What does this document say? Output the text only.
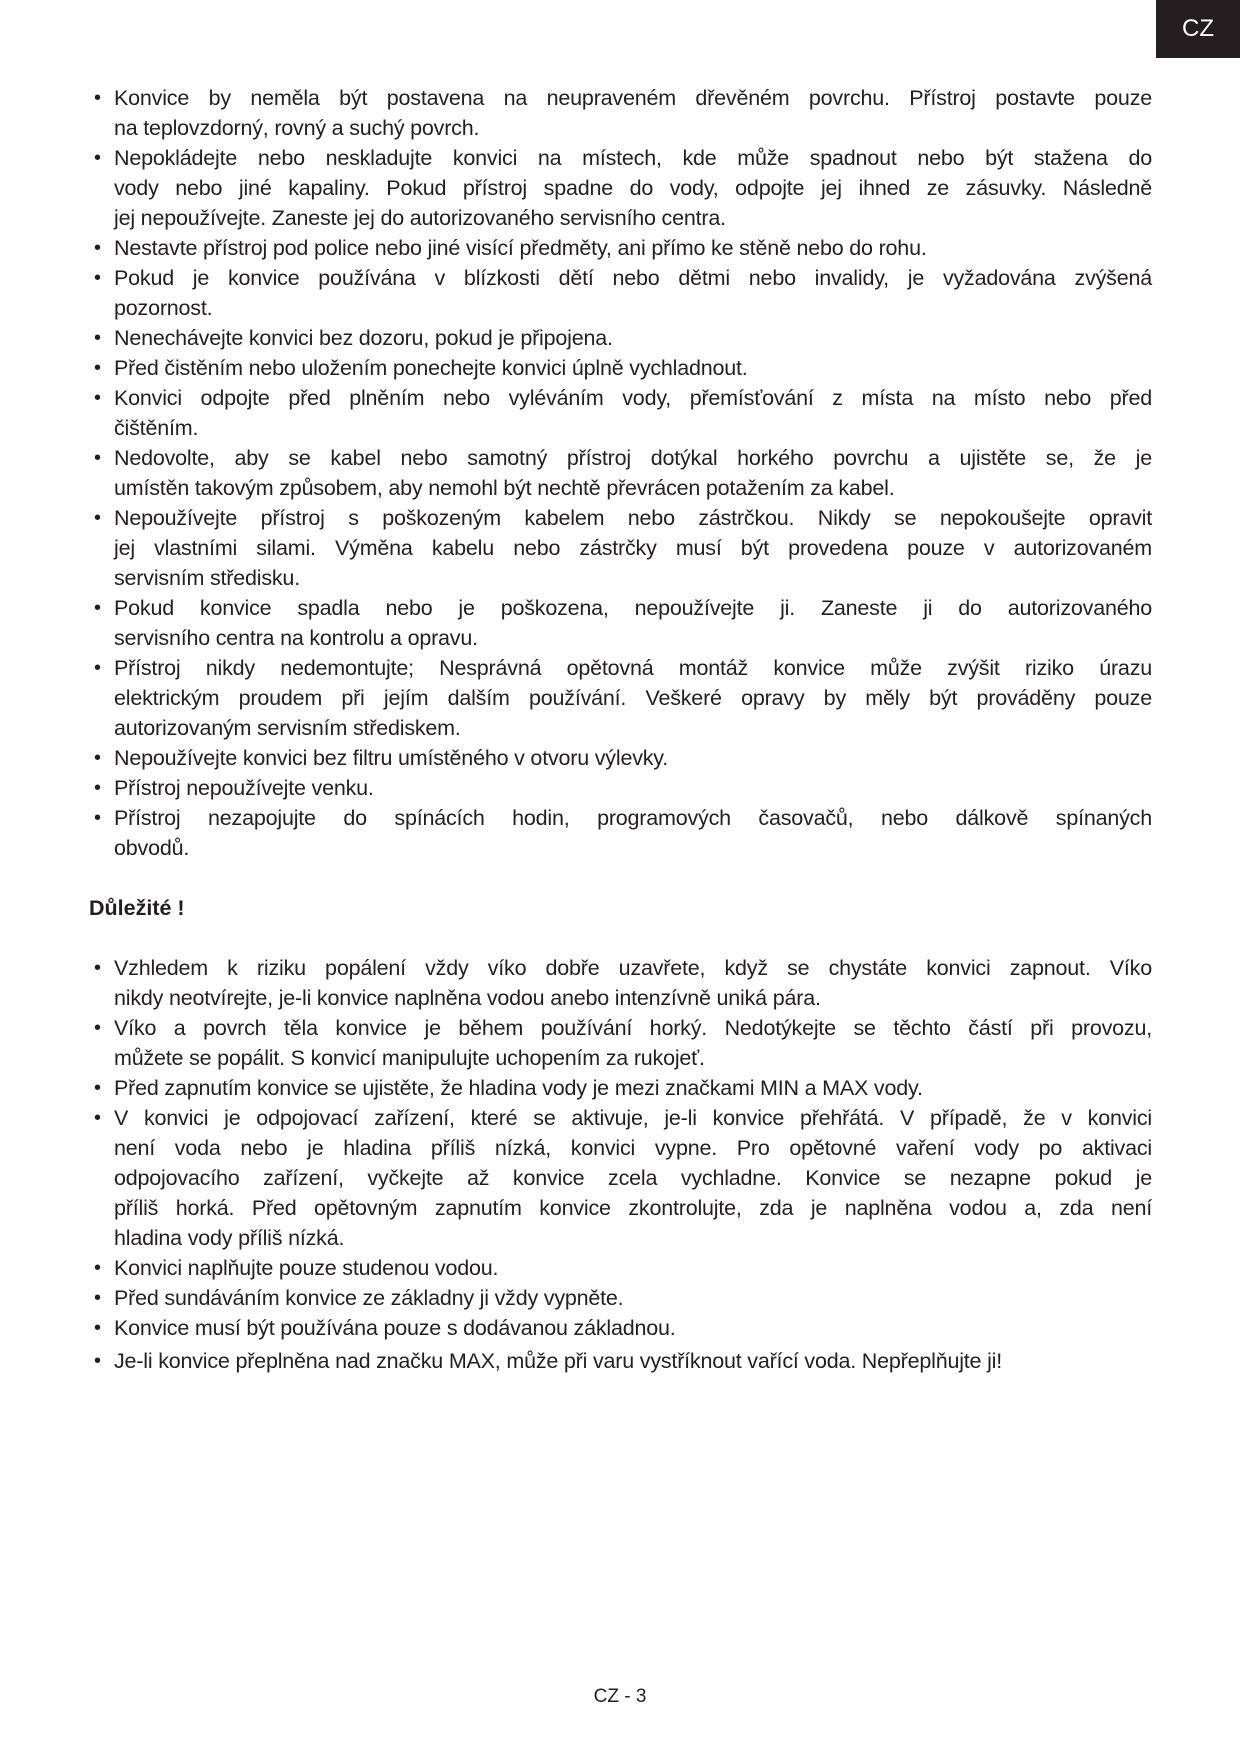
CZ
• Konvice by neměla být postavena na neupraveném dřevěném povrchu. Přístroj postavte pouze
na teplovzdorný, rovný a suchý povrch.
• Nepokládejte nebo neskladujte konvici na místech, kde může spadnout nebo být stažena do
vody nebo jiné kapaliny. Pokud přístroj spadne do vody, odpojte jej ihned ze zásuvky. Následně
jej nepoužívejte. Zaneste jej do autorizovaného servisního centra.
• Nestavte přístroj pod police nebo jiné visící předměty, ani přímo ke stěně nebo do rohu.
• Pokud je konvice používána v blízkosti dětí nebo dětmi nebo invalidy, je vyžadována zvýšená
pozornost.
• Nenechávejte konvici bez dozoru, pokud je připojena.
• Před čistěním nebo uložením ponechejte konvici úplně vychladnout.
• Konvici odpojte před plněním nebo vyléváním vody, přemísťování z místa na místo nebo před
čištěním.
• Nedovolte, aby se kabel nebo samotný přístroj dotýkal horkého povrchu a ujistěte se, že je
umístěn takovým způsobem, aby nemohl být nechtě převrácen potažením za kabel.
• Nepoužívejte přístroj s poškozeným kabelem nebo zástrčkou. Nikdy se nepokoušejte opravit
jej vlastními silami. Výměna kabelu nebo zástrčky musí být provedena pouze v autorizovaném
servisním středisku.
• Pokud konvice spadla nebo je poškozena, nepoužívejte ji. Zaneste ji do autorizovaného
servisního centra na kontrolu a opravu.
• Přístroj nikdy nedemontujte; Nesprávná opětovná montáž konvice může zvýšit riziko úrazu
elektrickým proudem při jejím dalším používání. Veškeré opravy by měly být prováděny pouze
autorizovaným servisním střediskem.
• Nepoužívejte konvici bez filtru umístěného v otvoru výlevky.
• Přístroj nepoužívejte venku.
• Přístroj nezapojujte do spínácích hodin, programových časovačů, nebo dálkově spínaných
obvodů.
Důležité !
• Vzhledem k riziku popálení vždy víko dobře uzavřete, když se chystáte konvici zapnout. Víko
nikdy neotvírejte, je-li konvice naplněna vodou anebo intenzívně uniká pára.
• Víko a povrch těla konvice je během používání horký. Nedotýkejte se těchto částí při provozu,
můžete se popálit. S konvicí manipulujte uchopením za rukojeť.
• Před zapnutím konvice se ujistěte, že hladina vody je mezi značkami MIN a MAX vody.
• V konvici je odpojovací zařízení, které se aktivuje, je-li konvice přehřátá. V případě, že v konvici
není voda nebo je hladina příliš nízká, konvici vypne. Pro opětovné vaření vody po aktivaci
odpojovacího zařízení, vyčkejte až konvice zcela vychladne. Konvice se nezapne pokud je
příliš horká. Před opětovným zapnutím konvice zkontrolujte, zda je naplněna vodou a, zda není
hladina vody příliš nízká.
• Konvici naplňujte pouze studenou vodou.
• Před sundáváním konvice ze základny ji vždy vypněte.
• Konvice musí být používána pouze s dodávanou základnou.
• Je-li konvice přeplněna nad značku MAX, může při varu vystříknout vařící voda. Nepřeplňujte ji!
CZ - 3
